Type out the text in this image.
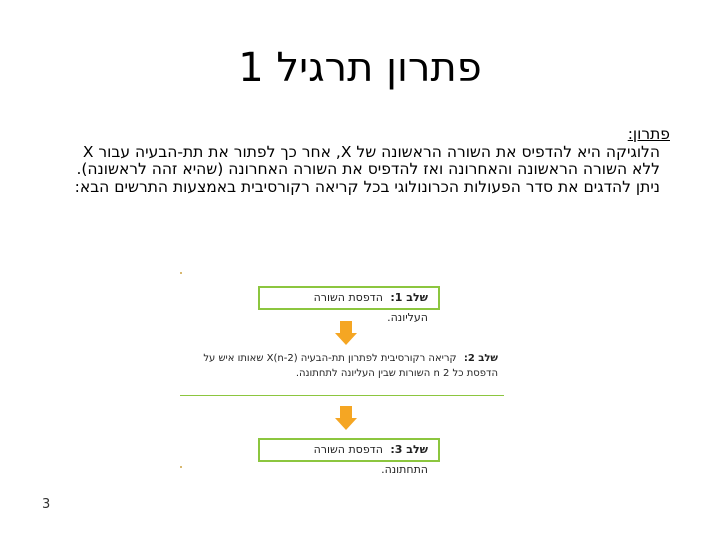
פתרון תרגיל 1

פתרון:

הלוגיקה היא להדפיס את השורה הראשונה של X, אחר כך לפתור את תת-הבעיה עבור X ללא השורה הראשונה והאחרונה ואז להדפיס את השורה האחרונה (שהיא זהה לראשונה).

ניתן להדגים את סדר הפעולות הכרונולוגי בכל קריאה רקורסיבית באמצעות התרשים הבא:

שלב 1: הדפסת השורה העליונה.
שלב 2: קריאה רקורסיבית לפתרון תת-הבעיה (n-2)X שאותו איש על הדפסת כל 2 n השורות שבין העליונה לתחתונה.
שלב 3: הדפסת השורה התחתונה.
3
